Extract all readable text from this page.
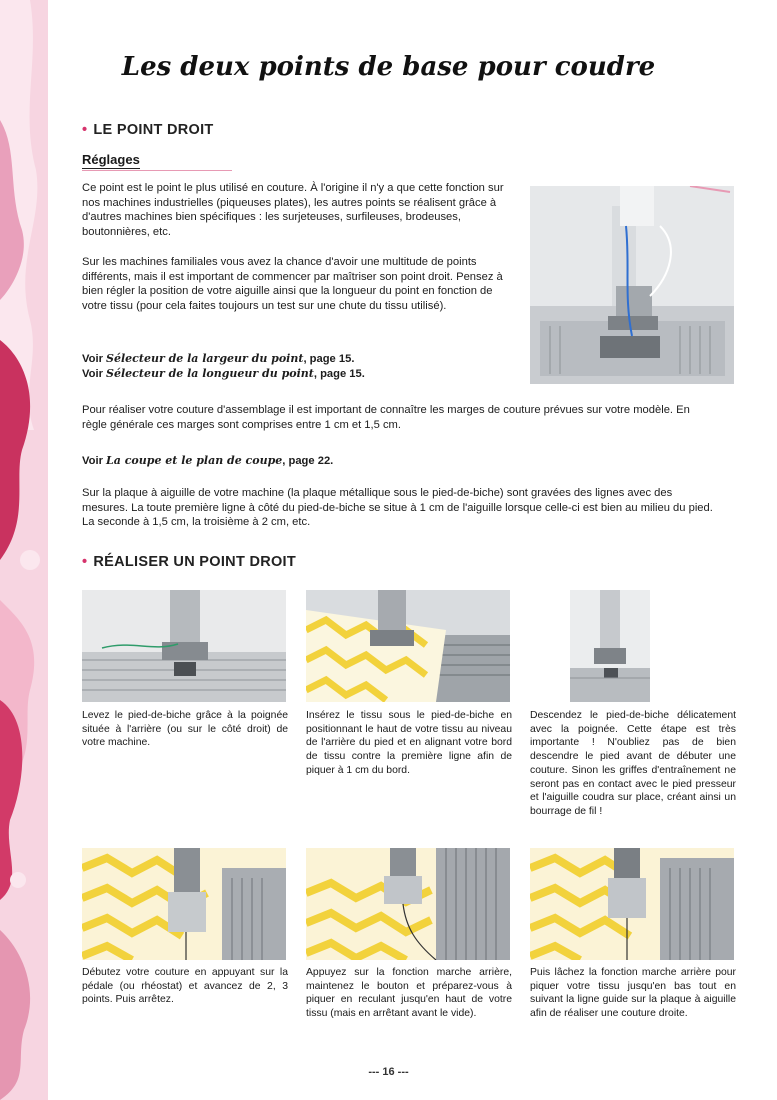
Les deux points de base pour coudre
• LE POINT DROIT
Réglages

Ce point est le point le plus utilisé en couture. À l'origine il n'y a que cette fonction sur nos machines industrielles (piqueuses plates), les autres points se réalisent grâce à d'autres machines bien spécifiques : les surjeteuses, surfileuses, brodeuses, boutonnières, etc.

Sur les machines familiales vous avez la chance d'avoir une multitude de points différents, mais il est important de commencer par maîtriser son point droit. Pensez à bien régler la position de votre aiguille ainsi que la longueur du point en fonction de votre tissu (pour cela faites toujours un test sur une chute du tissu utilisé).

Voir Sélecteur de la largeur du point, page 15.

Voir Sélecteur de la longueur du point, page 15.

Pour réaliser votre couture d'assemblage il est important de connaître les marges de couture prévues sur votre modèle. En règle générale ces marges sont comprises entre 1 cm et 1,5 cm.

Voir La coupe et le plan de coupe, page 22.

Sur la plaque à aiguille de votre machine (la plaque métallique sous le pied-de-biche) sont gravées des lignes avec des mesures. La toute première ligne à côté du pied-de-biche se situe à 1 cm de l'aiguille lorsque celle-ci est bien au milieu du pied. La seconde à 1,5 cm, la troisième à 2 cm, etc.

• RÉALISER UN POINT DROIT

Levez le pied-de-biche grâce à la poignée située à l'arrière (ou sur le côté droit) de votre machine.

Insérez le tissu sous le pied-de-biche en positionnant le haut de votre tissu au niveau de l'arrière du pied et en alignant votre bord de tissu contre la première ligne afin de piquer à 1 cm du bord.

Descendez le pied-de-biche délicatement avec la poignée. Cette étape est très importante ! N'oubliez pas de bien descendre le pied avant de débuter une couture. Sinon les griffes d'entraînement ne seront pas en contact avec le pied presseur et l'aiguille coudra sur place, créant ainsi un bourrage de fil !

Débutez votre couture en appuyant sur la pédale (ou rhéostat) et avancez de 2, 3 points. Puis arrêtez.

Appuyez sur la fonction marche arrière, maintenez le bouton et préparez-vous à piquer en reculant jusqu'en haut de votre tissu (mais en arrêtant avant le vide).

Puis lâchez la fonction marche arrière pour piquer votre tissu jusqu'en bas tout en suivant la ligne guide sur la plaque à aiguille afin de réaliser une couture droite.

--- 16 ---
